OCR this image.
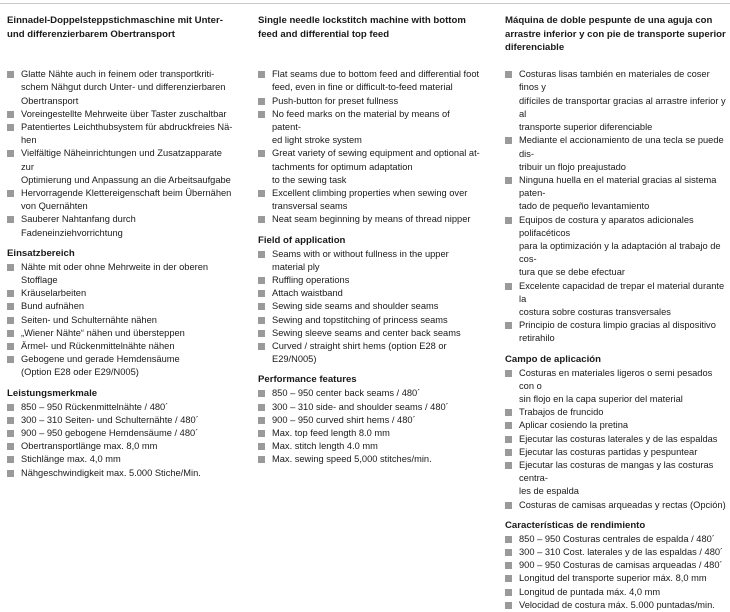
Einnadel-Doppelsteppstichmaschine mit Unter-
und differenzierbarem Obertransport
Glatte Nähte auch in feinem oder transportkriti-
schem Nähgut durch Unter- und differenzierbaren
Obertransport
Voreingestellte Mehrweite über Taster zuschaltbar
Patentiertes Leichthubsystem für abdruckfreies Nä-
hen
Vielfältige Näheinrichtungen und Zusatzapparate zur
Optimierung und Anpassung an die Arbeitsaufgabe
Hervorragende Klettereigenschaft beim Übernähen
von Quernähten
Sauberer Nahtanfang durch Fadeneinziehvorrichtung
Einsatzbereich
Nähte mit oder ohne Mehrweite in der oberen
Stofflage
Kräuselarbeiten
Bund aufnähen
Seiten- und Schulternähte nähen
„Wiener Nähte“ nähen und übersteppen
Ärmel- und Rückenmittelnähte nähen
Gebogene und gerade Hemdensäume
(Option E28 oder E29/N005)
Leistungsmerkmale
850 – 950 Rückenmittelnähte / 480´
300 – 310 Seiten- und Schulternähte / 480´
900 – 950 gebogene Hemdensäume / 480´
Obertransportlänge max. 8,0 mm
Stichlänge max. 4,0 mm
Nähgeschwindigkeit max. 5.000 Stiche/Min.
Single needle lockstitch machine with bottom
feed and differential top feed
Flat seams due to bottom feed and differential foot
feed, even in fine or difficult-to-feed material
Push-button for preset fullness
No feed marks on the material by means of patent-
ed light stroke system
Great variety of sewing equipment and optional at-
tachments for optimum adaptation
to the sewing task
Excellent climbing properties when sewing over
transversal seams
Neat seam beginning by means of thread nipper
Field of application
Seams with or without fullness in the upper
material ply
Ruffling operations
Attach waistband
Sewing side seams and shoulder seams
Sewing and topstitching of princess seams
Sewing sleeve seams and center back seams
Curved / straight shirt hems (option E28 or
E29/N005)
Performance features
850 – 950 center back seams / 480´
300 – 310 side- and shoulder seams / 480´
900 – 950 curved shirt hems / 480´
Max. top feed length 8.0 mm
Max. stitch length 4.0 mm
Max. sewing speed 5,000 stitches/min.
Máquina de doble pespunte de una aguja con
arrastre inferior y con pie de transporte superior
diferenciable
Costuras lisas también en materiales de coser finos y
difíciles de transportar gracias al arrastre inferior y al
transporte superior diferenciable
Mediante el accionamiento de una tecla se puede dis-
tribuir un flojo preajustado
Ninguna huella en el material gracias al sistema paten-
tado de pequeño levantamiento
Equipos de costura y aparatos adicionales polifacéticos
para la optimización y la adaptación al trabajo de cos-
tura que se debe efectuar
Excelente capacidad de trepar el material durante la
costura sobre costuras transversales
Principio de costura limpio gracias al dispositivo retirahilo
Campo de aplicación
Costuras en materiales ligeros o semi pesados con o
sin flojo en la capa superior del material
Trabajos de fruncido
Aplicar cosiendo la pretina
Ejecutar las costuras laterales y de las espaldas
Ejecutar las costuras partidas y pespuntear
Ejecutar las costuras de mangas y las costuras centra-
les de espalda
Costuras de camisas arqueadas y rectas (Opción)
Características de rendimiento
850 – 950 Costuras centrales de espalda / 480´
300 – 310 Cost. laterales y de las espaldas / 480´
900 – 950 Costuras de camisas arqueadas / 480´
Longitud del transporte superior máx. 8,0 mm
Longitud de puntada máx. 4,0 mm
Velocidad de costura máx. 5.000 puntadas/min.
